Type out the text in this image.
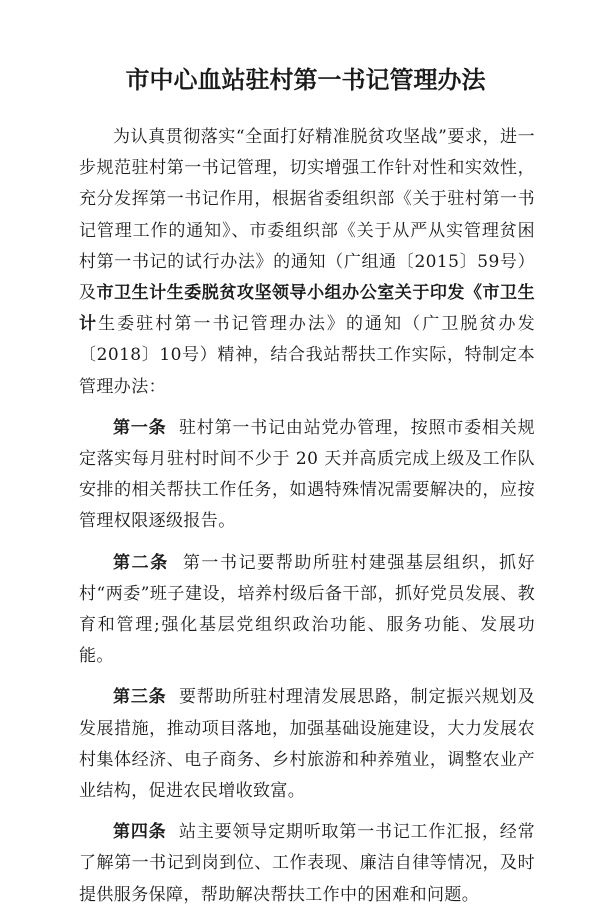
市中心血站驻村第一书记管理办法

为认真贯彻落实“全面打好精准脱贫攻坚战”要求，进一步规范驻村第一书记管理，切实增强工作针对性和实效性，充分发挥第一书记作用，根据省委组织部《关于驻村第一书记管理工作的通知》、市委组织部《关于从严从实管理贫困村第一书记的试行办法》的通知（广组通〔2015〕59号）及市卫生计生委脱贫攻坚领导小组办公室关于印发《市卫生计生委驻村第一书记管理办法》的通知（广卫脱贫办发〔2018〕10号）精神，结合我站帮扶工作实际，特制定本管理办法：

第一条 驻村第一书记由站党办管理，按照市委相关规定落实每月驻村时间不少于 20 天并高质完成上级及工作队安排的相关帮扶工作任务，如遇特殊情况需要解决的，应按管理权限逐级报告。

第二条 第一书记要帮助所驻村建强基层组织，抓好村“两委”班子建设，培养村级后备干部，抓好党员发展、教育和管理;强化基层党组织政治功能、服务功能、发展功能。

第三条 要帮助所驻村理清发展思路，制定振兴规划及发展措施，推动项目落地，加强基础设施建设，大力发展农村集体经济、电子商务、乡村旅游和种养殖业，调整农业产业结构，促进农民增收致富。

第四条 站主要领导定期听取第一书记工作汇报，经常了解第一书记到岗到位、工作表现、廉洁自律等情况，及时提供服务保障，帮助解决帮扶工作中的困难和问题。
